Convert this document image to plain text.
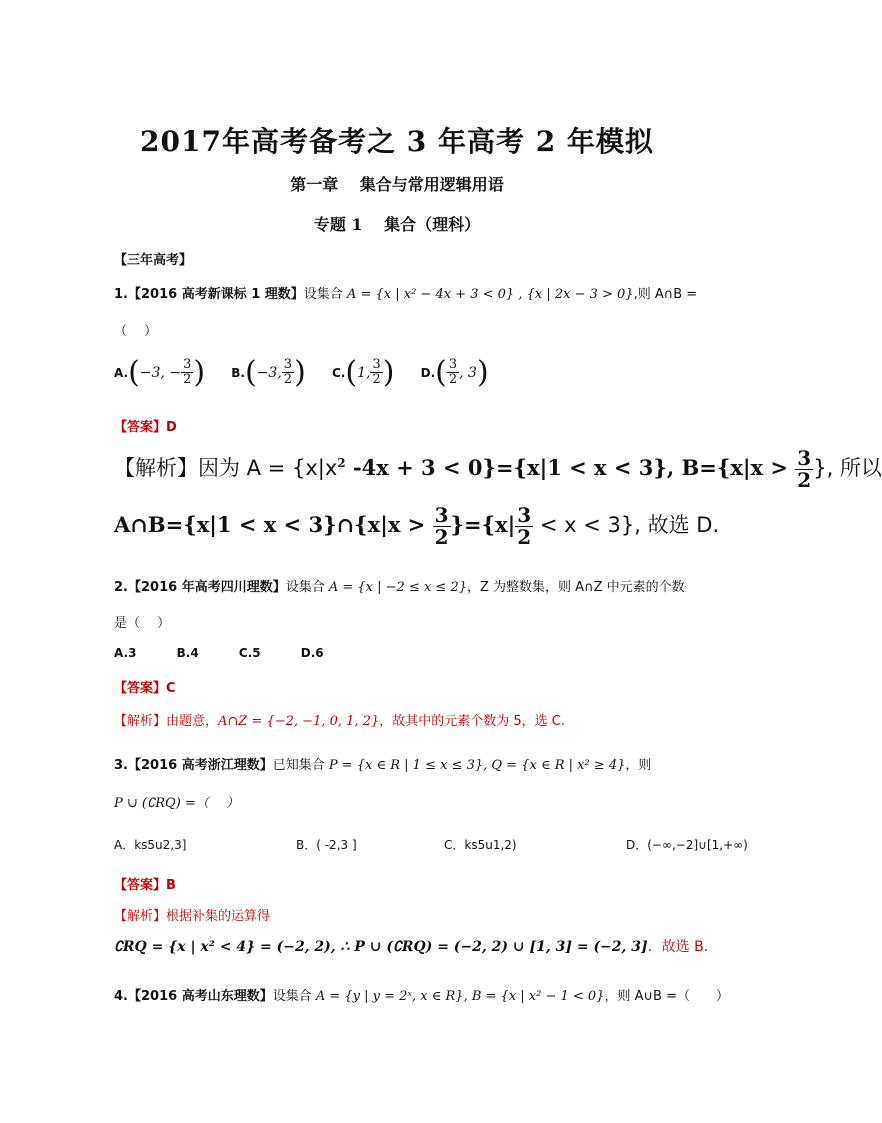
2017年高考备考之 3 年高考 2 年模拟
第一章　 集合与常用逻辑用语
专题 1　 集合（理科）
【三年高考】
1.【2016 高考新课标 1 理数】设集合 A = {x | x² − 4x + 3 < 0} , {x | 2x − 3 > 0},则 A∩B =
（　 ）
A. ( −3, − $\frac{3}{2}$ )
B. ( −3, $\frac{3}{2}$ )
C. ( 1, $\frac{3}{2}$ )
D. ( $\frac{3}{2}$ , 3 )
【答案】D
【解析】因为 $A = \{x|x^2$ -4x + 3 < 0}={x|1 < x < 3}, $B=\{x|x > \frac{3}{2}$ }, 所以
A∩B={x|1 < x < 3}∩{x|x > $\frac{3}{2} \}=\{x| \frac{3}{2} < x < 3\}$, 故选 D.
2.【2016 年高考四川理数】设集合 A = {x | −2 ≤ x ≤ 2}，Z 为整数集，则 A∩Z 中元素的个数
是（　 ）
A.3	B.4	C.5	D.6
【答案】C
【解析】由题意，A∩Z = {−2, −1, 0, 1, 2}，故其中的元素个数为 5，选 C.
3.【2016 高考浙江理数】已知集合 P = {x ∈ R | 1 ≤ x ≤ 3}, Q = {x ∈ R | x² ≥ 4}，则
P ∪ (∁RQ) =（　 ）
A．ks5u2,3]	B．( -2,3 ]	C．ks5u1,2)	D．(−∞,−2]∪[1,+∞)
【答案】B
【解析】根据补集的运算得
∁RQ = {x | x² < 4} = (−2, 2), ∴ P ∪ (∁RQ) = (−2, 2) ∪ [1, 3] = (−2, 3]．故选 B．
4.【2016 高考山东理数】设集合 A = {y | y = 2ˣ, x ∈ R}, B = {x | x² − 1 < 0}，则 A∪B =（　　）
